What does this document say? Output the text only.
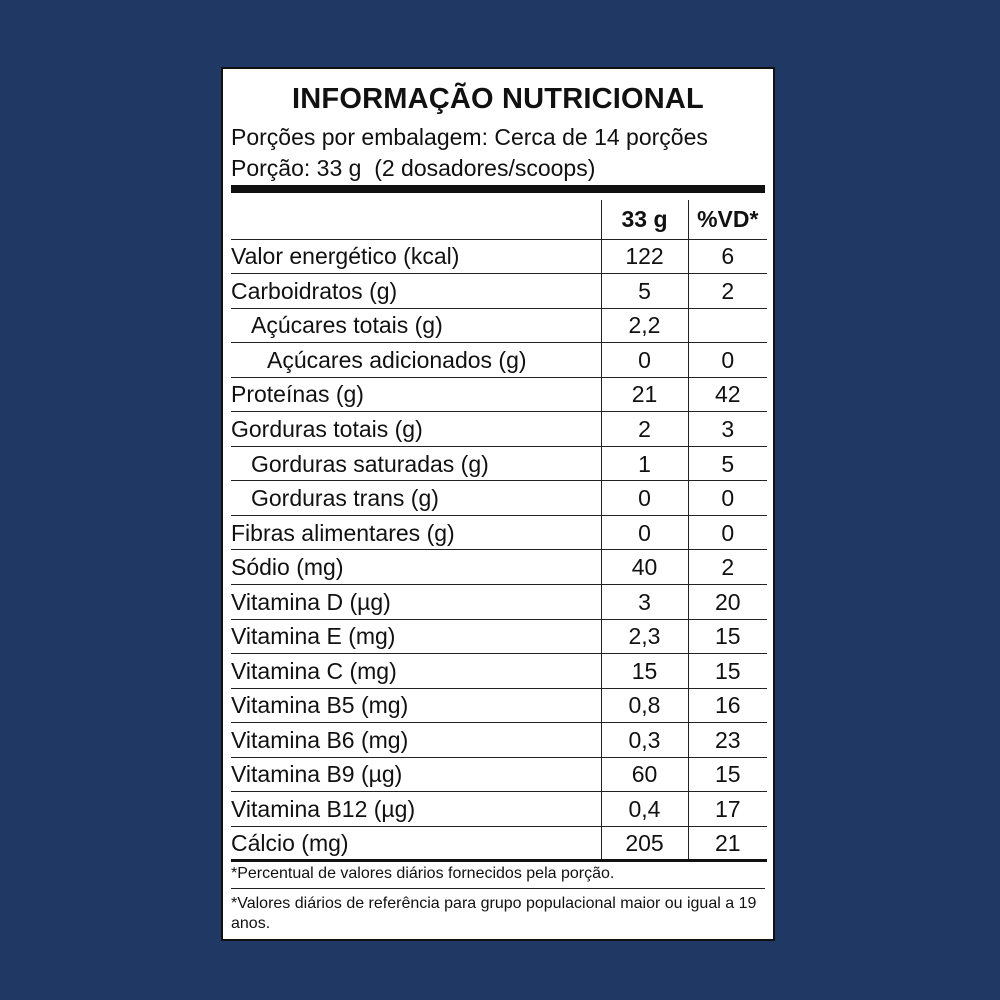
INFORMAÇÃO NUTRICIONAL
Porções por embalagem: Cerca de 14 porções
Porção: 33 g  (2 dosadores/scoops)
	33 g	%VD*
Valor energético (kcal)	122	6
Carboidratos (g)	5	2
Açúcares totais (g)	2,2	
Açúcares adicionados (g)	0	0
Proteínas (g)	21	42
Gorduras totais (g)	2	3
Gorduras saturadas (g)	1	5
Gorduras trans (g)	0	0
Fibras alimentares (g)	0	0
Sódio (mg)	40	2
Vitamina D (µg)	3	20
Vitamina E (mg)	2,3	15
Vitamina C (mg)	15	15
Vitamina B5 (mg)	0,8	16
Vitamina B6 (mg)	0,3	23
Vitamina B9 (µg)	60	15
Vitamina B12 (µg)	0,4	17
Cálcio (mg)	205	21
*Percentual de valores diários fornecidos pela porção.
*Valores diários de referência para grupo populacional maior ou igual a 19 anos.
